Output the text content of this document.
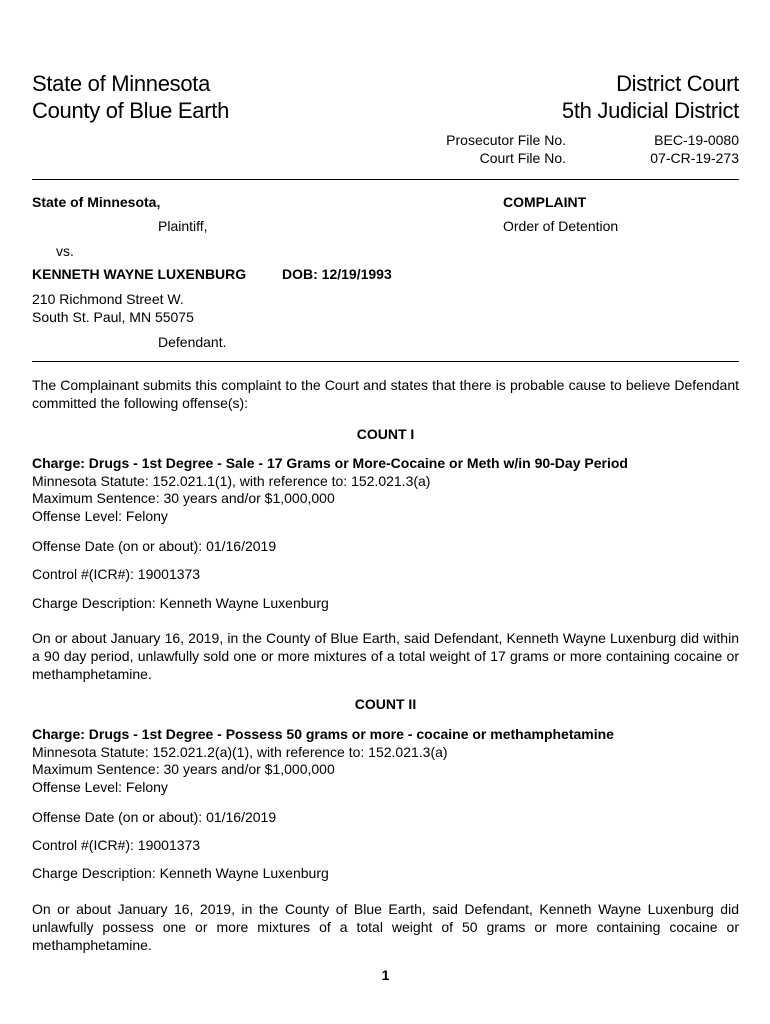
State of Minnesota
County of Blue Earth
District Court
5th Judicial District
Prosecutor File No.	BEC-19-0080
Court File No.	07-CR-19-273
State of Minnesota,
Plaintiff,
vs.
KENNETH WAYNE LUXENBURG	DOB: 12/19/1993
210 Richmond Street W.
South St. Paul, MN 55075
Defendant.
COMPLAINT
Order of Detention
The Complainant submits this complaint to the Court and states that there is probable cause to believe Defendant committed the following offense(s):
COUNT I
Charge: Drugs - 1st Degree - Sale - 17 Grams or More-Cocaine or Meth w/in 90-Day Period
Minnesota Statute: 152.021.1(1), with reference to: 152.021.3(a)
Maximum Sentence: 30 years and/or $1,000,000
Offense Level: Felony
Offense Date (on or about): 01/16/2019
Control #(ICR#): 19001373
Charge Description: Kenneth Wayne Luxenburg
On or about January 16, 2019, in the County of Blue Earth, said Defendant, Kenneth Wayne Luxenburg did within a 90 day period, unlawfully sold one or more mixtures of a total weight of 17 grams or more containing cocaine or methamphetamine.
COUNT II
Charge: Drugs - 1st Degree - Possess 50 grams or more - cocaine or methamphetamine
Minnesota Statute: 152.021.2(a)(1), with reference to: 152.021.3(a)
Maximum Sentence: 30 years and/or $1,000,000
Offense Level: Felony
Offense Date (on or about): 01/16/2019
Control #(ICR#): 19001373
Charge Description: Kenneth Wayne Luxenburg
On or about January 16, 2019, in the County of Blue Earth, said Defendant, Kenneth Wayne Luxenburg did unlawfully possess one or more mixtures of a total weight of 50 grams or more containing cocaine or methamphetamine.
1
